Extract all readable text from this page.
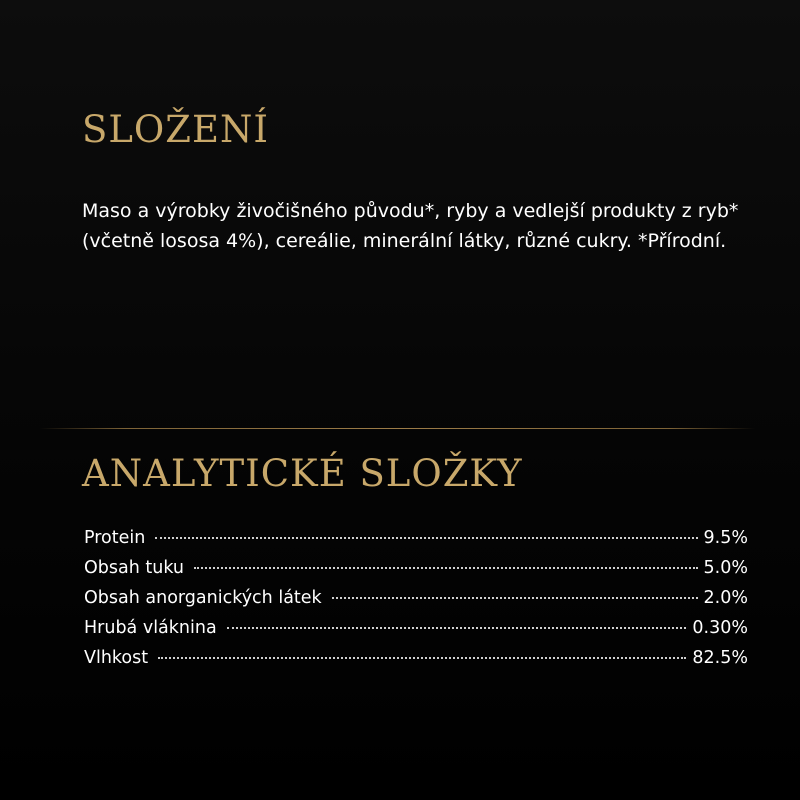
SLOŽENÍ

Maso a výrobky živočišného původu*, ryby a vedlejší produkty z ryb* (včetně lososa 4%), cereálie, minerální látky, různé cukry. *Přírodní.

ANALYTICKÉ SLOŽKY
Protein	9.5%
Obsah tuku	5.0%
Obsah anorganických látek	2.0%
Hrubá vláknina	0.30%
Vlhkost	82.5%
